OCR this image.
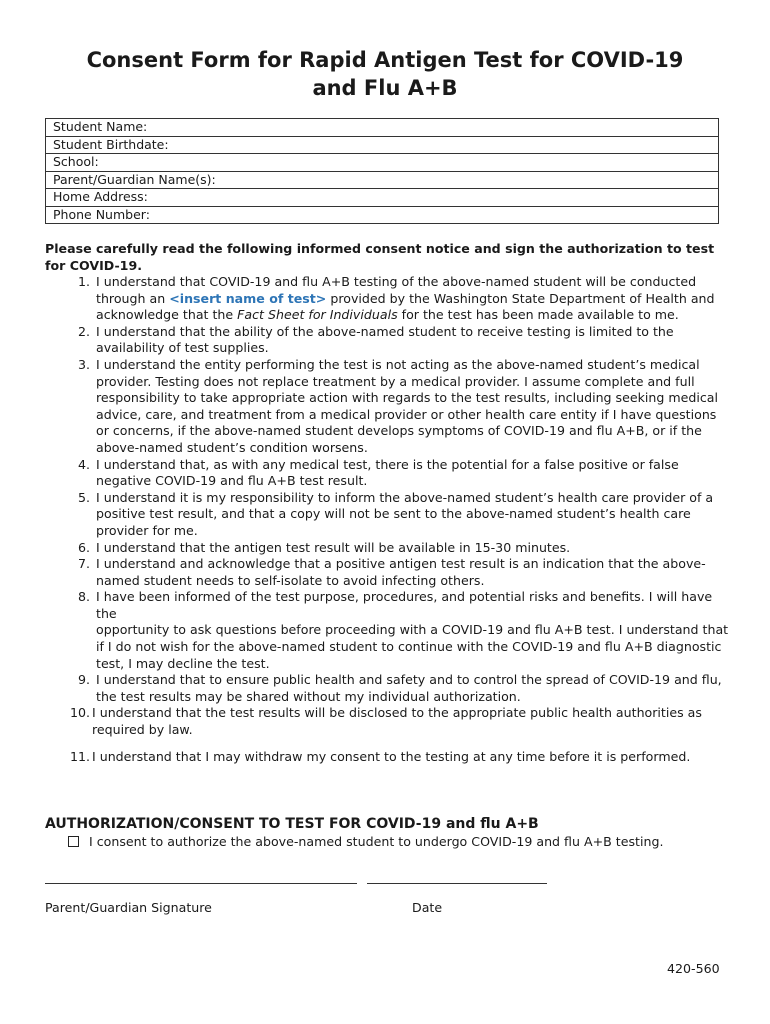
Consent Form for Rapid Antigen Test for COVID-19
and Flu A+B
Student Name:
Student Birthdate:
School:
Parent/Guardian Name(s):
Home Address:
Phone Number:
Please carefully read the following informed consent notice and sign the authorization to test for COVID-19.
1. I understand that COVID-19 and flu A+B testing of the above-named student will be conducted through an <insert name of test> provided by the Washington State Department of Health and acknowledge that the Fact Sheet for Individuals for the test has been made available to me.
2. I understand that the ability of the above-named student to receive testing is limited to the availability of test supplies.
3. I understand the entity performing the test is not acting as the above-named student’s medical provider. Testing does not replace treatment by a medical provider. I assume complete and full responsibility to take appropriate action with regards to the test results, including seeking medical advice, care, and treatment from a medical provider or other health care entity if I have questions or concerns, if the above-named student develops symptoms of COVID-19 and flu A+B, or if the above-named student’s condition worsens.
4. I understand that, as with any medical test, there is the potential for a false positive or false negative COVID-19 and flu A+B test result.
5. I understand it is my responsibility to inform the above-named student’s health care provider of a positive test result, and that a copy will not be sent to the above-named student’s health care provider for me.
6. I understand that the antigen test result will be available in 15-30 minutes.
7. I understand and acknowledge that a positive antigen test result is an indication that the above-named student needs to self-isolate to avoid infecting others.
8. I have been informed of the test purpose, procedures, and potential risks and benefits. I will have the
opportunity to ask questions before proceeding with a COVID-19 and flu A+B test. I understand that if I do not wish for the above-named student to continue with the COVID-19 and flu A+B diagnostic test, I may decline the test.
9. I understand that to ensure public health and safety and to control the spread of COVID-19 and flu, the test results may be shared without my individual authorization.
10. I understand that the test results will be disclosed to the appropriate public health authorities as required by law.
11. I understand that I may withdraw my consent to the testing at any time before it is performed.
AUTHORIZATION/CONSENT TO TEST FOR COVID-19 and flu A+B
I consent to authorize the above-named student to undergo COVID-19 and flu A+B testing.
Parent/Guardian Signature	Date
420-560
